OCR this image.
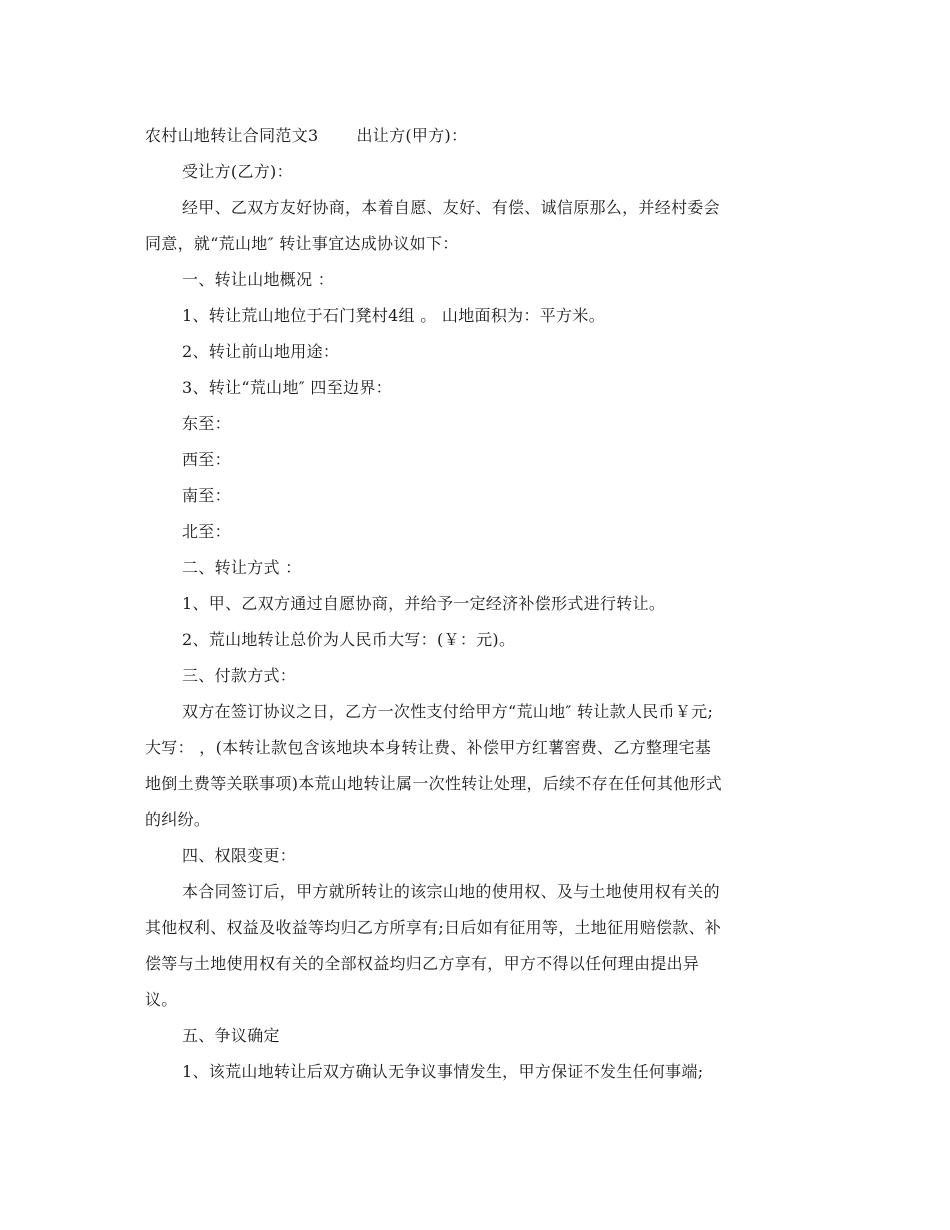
农村山地转让合同范文3 出让方(甲方)：
受让方(乙方)：
经甲、乙双方友好协商，本着自愿、友好、有偿、诚信原那么，并经村委会
同意，就“荒山地″ 转让事宜达成协议如下：
一、转让山地概况 ：
1、转让荒山地位于石门凳村4组 。 山地面积为：平方米。
2、转让前山地用途：
3、转让“荒山地″ 四至边界：
东至：
西至：
南至：
北至：
二、转让方式 ：
1、甲、乙双方通过自愿协商，并给予一定经济补偿形式进行转让。
2、荒山地转让总价为人民币大写：(￥：元)。
三、付款方式：
双方在签订协议之日，乙方一次性支付给甲方“荒山地″ 转让款人民币￥元;
大写： ，(本转让款包含该地块本身转让费、补偿甲方红薯窖费、乙方整理宅基
地倒土费等关联事项)本荒山地转让属一次性转让处理，后续不存在任何其他形式
的纠纷。
四、权限变更：
本合同签订后，甲方就所转让的该宗山地的使用权、及与土地使用权有关的
其他权利、权益及收益等均归乙方所享有;日后如有征用等，土地征用赔偿款、补
偿等与土地使用权有关的全部权益均归乙方享有，甲方不得以任何理由提出异
议。
五、争议确定
1、该荒山地转让后双方确认无争议事情发生，甲方保证不发生任何事端;
